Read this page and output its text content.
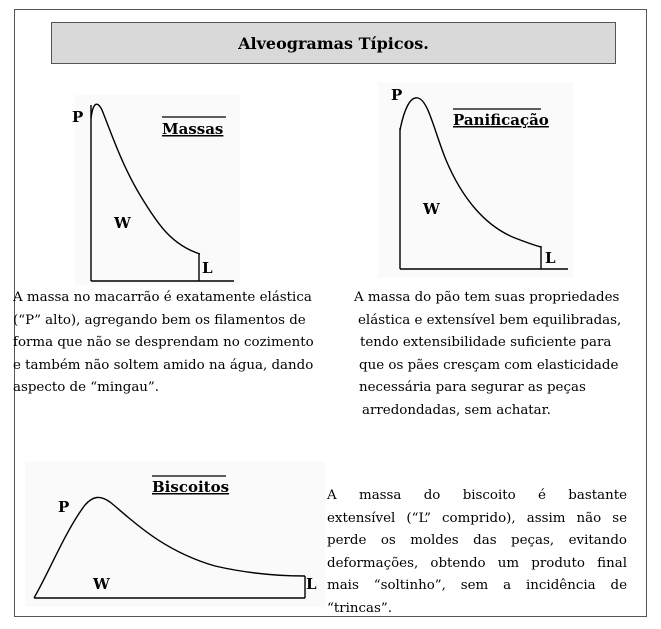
Alveogramas Típicos.
P
W
L
Massas
P
W
L
Panificação
P
W	L
Biscoitos
A massa no macarrão é exatamente elástica
(“P” alto), agregando bem os filamentos de
forma que não se desprendam no cozimento
e também não soltem amido na água, dando
aspecto de “mingau”.
A massa do pão tem suas propriedades
elástica e extensível bem equilibradas,
tendo extensibilidade suficiente para
que os pães cresçam com elasticidade
necessária para segurar as peças
arredondadas, sem achatar.
A massa do biscoito é bastante
extensível (“L” comprido), assim não se
perde os moldes das peças, evitando
deformações, obtendo um produto final
mais “soltinho”, sem a incidência de
“trincas”.
